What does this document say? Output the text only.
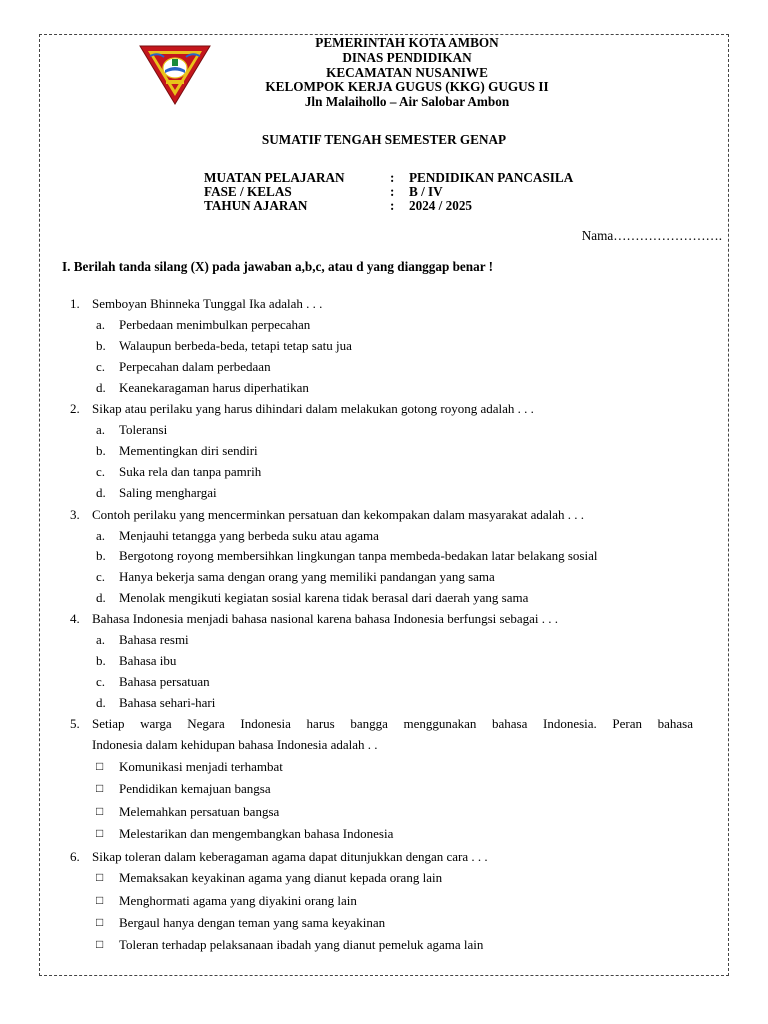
PEMERINTAH KOTA AMBON
DINAS PENDIDIKAN
KECAMATAN NUSANIWE
KELOMPOK KERJA GUGUS (KKG) GUGUS II
Jln Malaihollo – Air Salobar Ambon
SUMATIF TENGAH SEMESTER GENAP
MUATAN PELAJARAN	: PENDIDIKAN PANCASILA
FASE / KELAS	: B / IV
TAHUN AJARAN	: 2024 / 2025
Nama…………………….
I. Berilah tanda silang (X) pada jawaban a,b,c, atau d yang dianggap benar !
1. Semboyan Bhinneka Tunggal Ika adalah . . .
a. Perbedaan menimbulkan perpecahan
b. Walaupun berbeda-beda, tetapi tetap satu jua
c. Perpecahan dalam perbedaan
d. Keanekaragaman harus diperhatikan
2. Sikap atau perilaku yang harus dihindari dalam melakukan gotong royong adalah . . .
a. Toleransi
b. Mementingkan diri sendiri
c. Suka rela dan tanpa pamrih
d. Saling menghargai
3. Contoh perilaku yang mencerminkan persatuan dan kekompakan dalam masyarakat adalah . . .
a. Menjauhi tetangga yang berbeda suku atau agama
b. Bergotong royong membersihkan lingkungan tanpa membeda-bedakan latar belakang sosial
c. Hanya bekerja sama dengan orang yang memiliki pandangan yang sama
d. Menolak mengikuti kegiatan sosial karena tidak berasal dari daerah yang sama
4. Bahasa Indonesia menjadi bahasa nasional karena bahasa Indonesia berfungsi sebagai . . .
a. Bahasa resmi
b. Bahasa ibu
c. Bahasa persatuan
d. Bahasa sehari-hari
5. Setiap warga Negara Indonesia harus bangga menggunakan bahasa Indonesia. Peran bahasa
Indonesia dalam kehidupan bahasa Indonesia adalah . .
□ Komunikasi menjadi terhambat
□ Pendidikan kemajuan bangsa
□ Melemahkan persatuan bangsa
□ Melestarikan dan mengembangkan bahasa Indonesia
6. Sikap toleran dalam keberagaman agama dapat ditunjukkan dengan cara . . .
□ Memaksakan keyakinan agama yang dianut kepada orang lain
□ Menghormati agama yang diyakini orang lain
□ Bergaul hanya dengan teman yang sama keyakinan
□ Toleran terhadap pelaksanaan ibadah yang dianut pemeluk agama lain
